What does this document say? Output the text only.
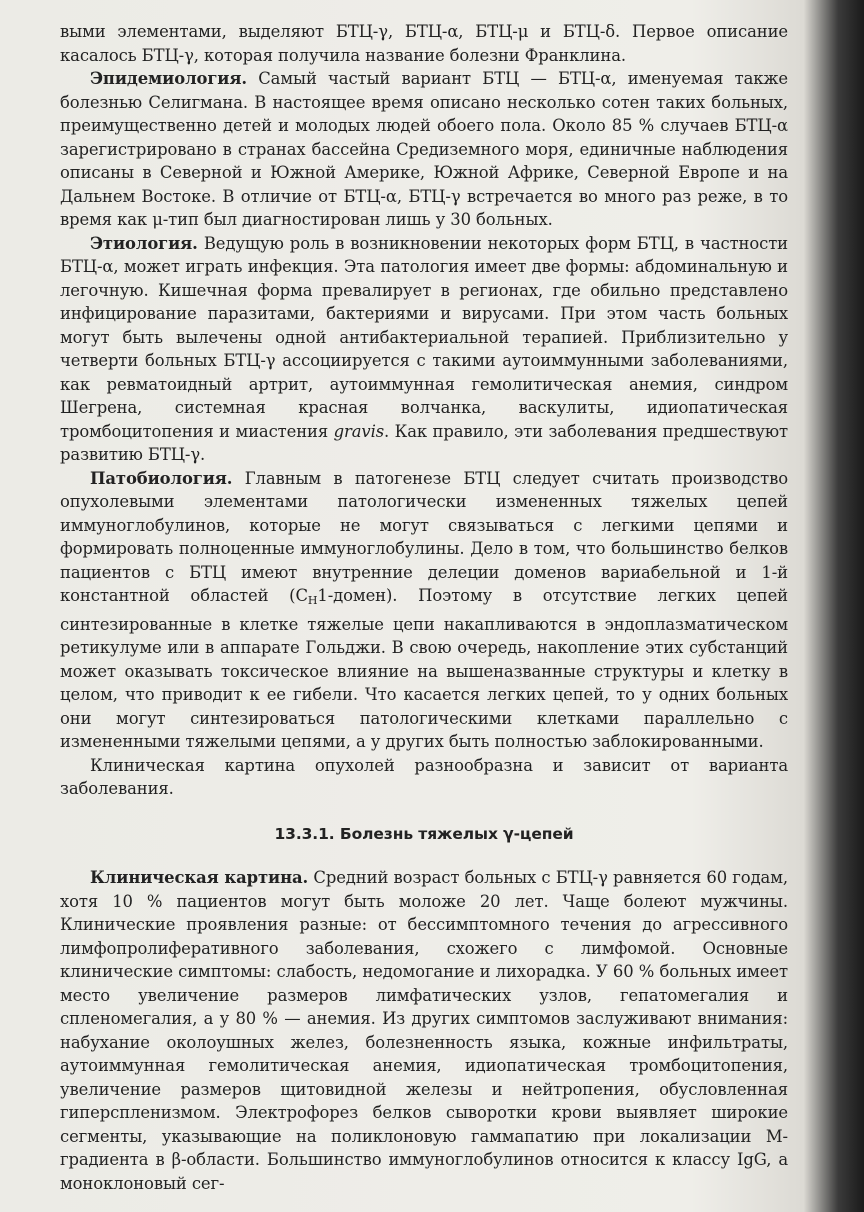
выми элементами, выделяют БТЦ-γ, БТЦ-α, БТЦ-μ и БТЦ-δ. Первое описание касалось БТЦ-γ, которая получила название болезни Франклина.

Эпидемиология. Самый частый вариант БТЦ — БТЦ-α, именуемая также болезнью Селигмана. В настоящее время описано несколько сотен таких больных, преимущественно детей и молодых людей обоего пола. Около 85 % случаев БТЦ-α зарегистрировано в странах бассейна Средиземного моря, единичные наблюдения описаны в Северной и Южной Америке, Южной Африке, Северной Европе и на Дальнем Востоке. В отличие от БТЦ-α, БТЦ-γ встречается во много раз реже, в то время как μ-тип был диагностирован лишь у 30 больных.

Этиология. Ведущую роль в возникновении некоторых форм БТЦ, в частности БТЦ-α, может играть инфекция. Эта патология имеет две формы: абдоминальную и легочную. Кишечная форма превалирует в регионах, где обильно представлено инфицирование паразитами, бактериями и вирусами. При этом часть больных могут быть вылечены одной антибактериальной терапией. Приблизительно у четверти больных БТЦ-γ ассоциируется с такими аутоиммунными заболеваниями, как ревматоидный артрит, аутоиммунная гемолитическая анемия, синдром Шегрена, системная красная волчанка, васкулиты, идиопатическая тромбоцитопения и миастения gravis. Как правило, эти заболевания предшествуют развитию БТЦ-γ.

Патобиология. Главным в патогенезе БТЦ следует считать производство опухолевыми элементами патологически измененных тяжелых цепей иммуноглобулинов, которые не могут связываться с легкими цепями и формировать полноценные иммуноглобулины. Дело в том, что большинство белков пациентов с БТЦ имеют внутренние делеции доменов вариабельной и 1-й константной областей $(C_H1-домен)$. Поэтому в отсутствие легких цепей синтезированные в клетке тяжелые цепи накапливаются в эндоплазматическом ретикулуме или в аппарате Гольджи. В свою очередь, накопление этих субстанций может оказывать токсическое влияние на вышеназванные структуры и клетку в целом, что приводит к ее гибели. Что касается легких цепей, то у одних больных они могут синтезироваться патологическими клетками параллельно с измененными тяжелыми цепями, а у других быть полностью заблокированными.

Клиническая картина опухолей разнообразна и зависит от варианта заболевания.

13.3.1. Болезнь тяжелых γ-цепей

Клиническая картина. Средний возраст больных с БТЦ-γ равняется 60 годам, хотя 10 % пациентов могут быть моложе 20 лет. Чаще болеют мужчины. Клинические проявления разные: от бессимптомного течения до агрессивного лимфопролиферативного заболевания, схожего с лимфомой. Основные клинические симптомы: слабость, недомогание и лихорадка. У 60 % больных имеет место увеличение размеров лимфатических узлов, гепатомегалия и спленомегалия, а у 80 % — анемия. Из других симптомов заслуживают внимания: набухание околоушных желез, болезненность языка, кожные инфильтраты, аутоиммунная гемолитическая анемия, идиопатическая тромбоцитопения, увеличение размеров щитовидной железы и нейтропения, обусловленная гиперспленизмом. Электрофорез белков сыворотки крови выявляет широкие сегменты, указывающие на поликлоновую гаммапатию при локализации М-градиента в β-области. Большинство иммуноглобулинов относится к классу IgG, а моноклоновый сег-
